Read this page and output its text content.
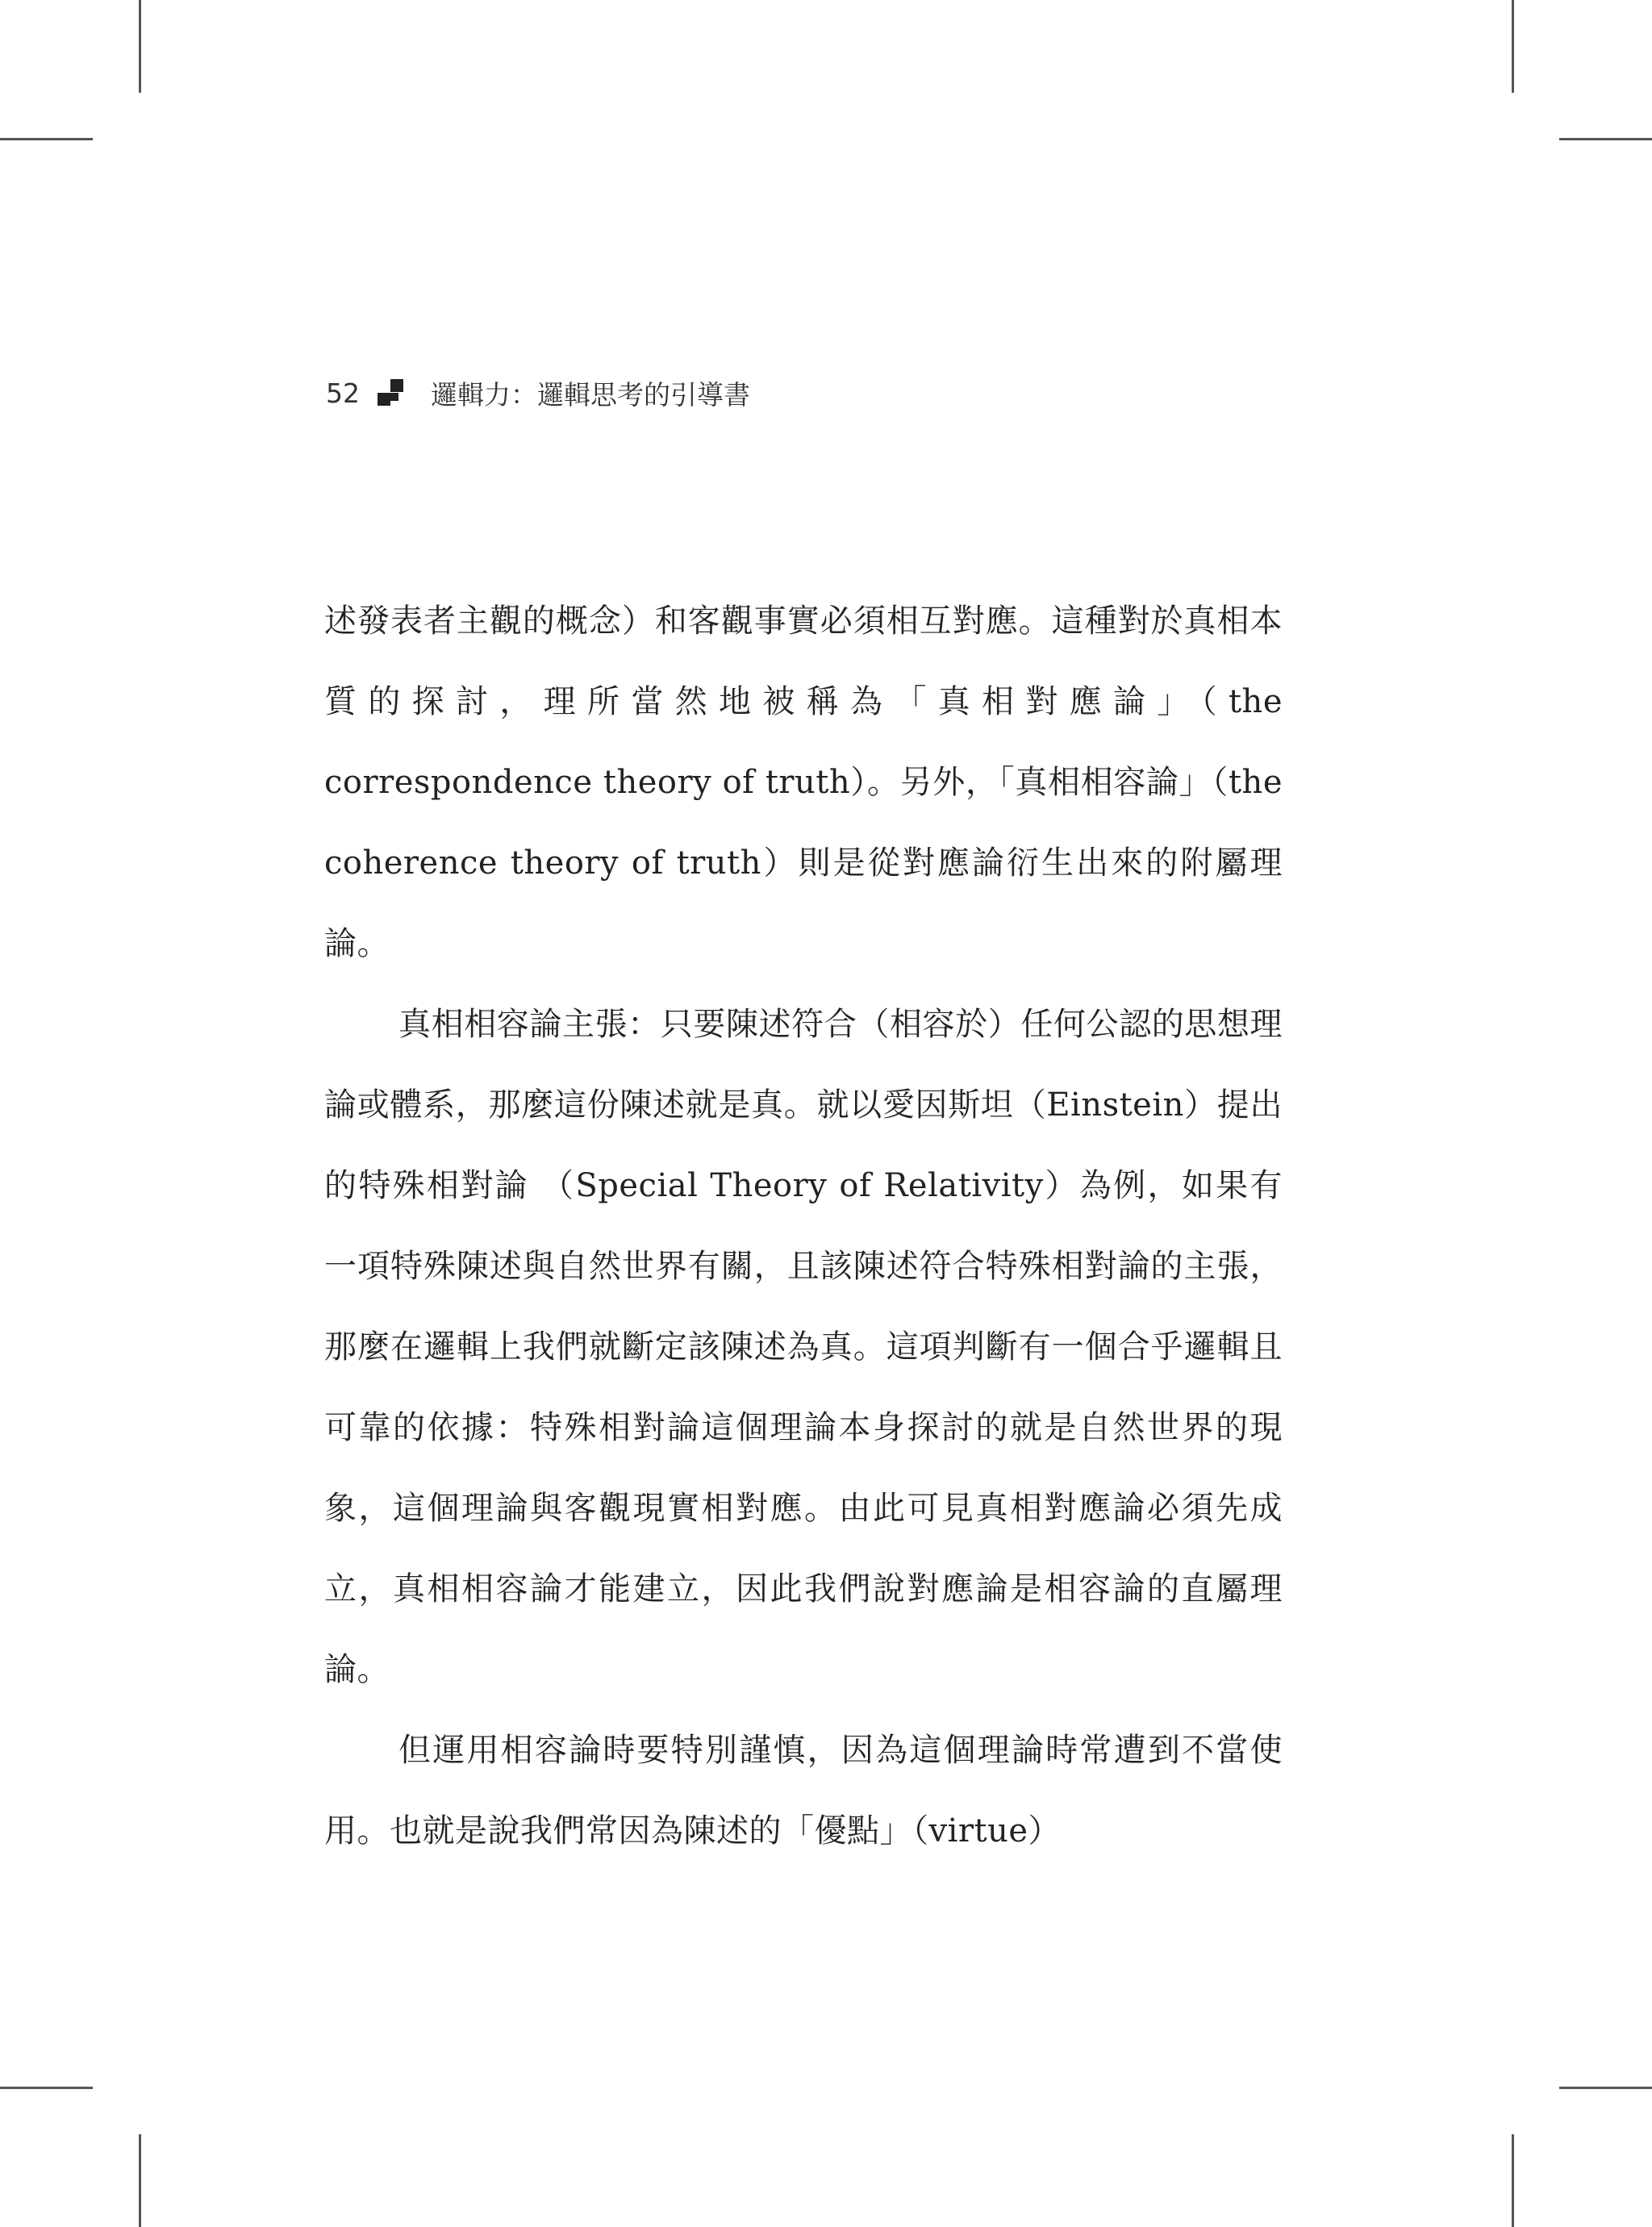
52	邏輯力：邏輯思考的引導書

述發表者主觀的概念）和客觀事實必須相互對應。這種對於真相本質的探討，理所當然地被稱為「真相對應論」（the correspondence theory of truth）。另外，「真相相容論」（the coherence theory of truth）則是從對應論衍生出來的附屬理論。

真相相容論主張：只要陳述符合（相容於）任何公認的思想理論或體系，那麼這份陳述就是真。就以愛因斯坦（Einstein）提出的特殊相對論 （Special Theory of Relativity）為例，如果有一項特殊陳述與自然世界有關，且該陳述符合特殊相對論的主張，那麼在邏輯上我們就斷定該陳述為真。這項判斷有一個合乎邏輯且可靠的依據：特殊相對論這個理論本身探討的就是自然世界的現象，這個理論與客觀現實相對應。由此可見真相對應論必須先成立，真相相容論才能建立，因此我們說對應論是相容論的直屬理論。

但運用相容論時要特別謹慎，因為這個理論時常遭到不當使用。也就是說我們常因為陳述的「優點」（virtue）
